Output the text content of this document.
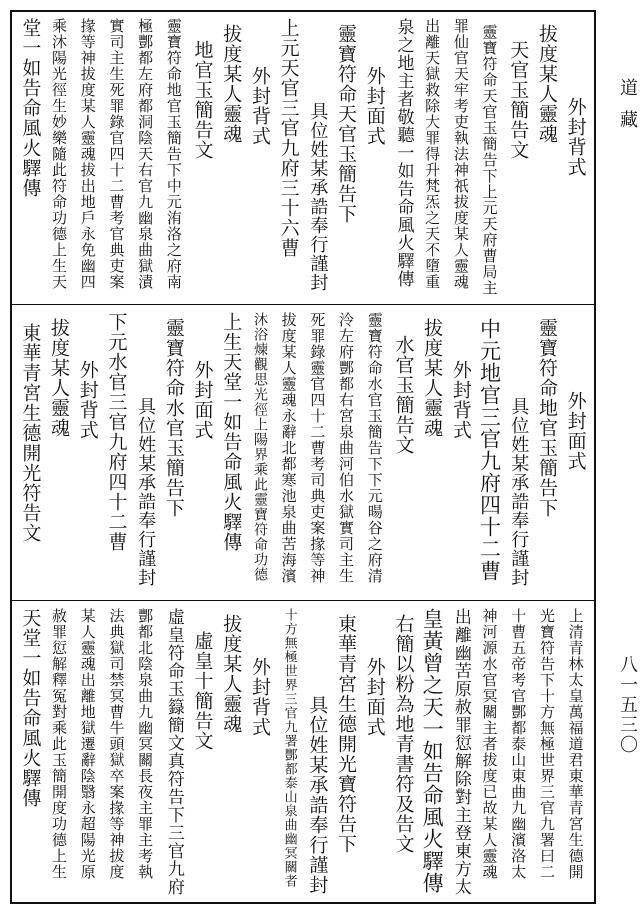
外封背式
拔度某人靈魂
天官玉簡告文
靈寶符命天官玉簡告下上元天府曹局主
罪仙官天牢考吏執法神祇拔度某人靈魂
出離天獄救除大罪得升梵炁之天不墮重
泉之地主者敬聽一如告命風火驛傳
外封面式
靈寶符命天官玉簡告下
具位姓某承誥奉行謹封
上元天官三官九府三十六曹
外封背式
拔度某人靈魂
地官玉簡告文
靈寶符命地官玉簡告下中元洧洛之府南
極酆都左府都洞陰天右官九幽泉曲獄漬
實司主生死罪錄官四十二曹考官典吏案
掾等神拔度某人靈魂拔出地戶永免幽四
乘沐陽光徑生妙樂隨此符命功德上生天
堂一如告命風火驛傳
外封面式
靈寶符命地官玉簡告下
具位姓某承誥奉行謹封
中元地官三官九府四十二曹
外封背式
拔度某人靈魂
水官玉簡告文
靈寶符命水官玉簡告下下元暘谷之府清
泠左府酆都右宮泉曲河伯水獄實司主生
死罪錄靈官四十二曹考司典吏案掾等神
拔度某人靈魂永辭北都寒池泉曲苦海濱
沐浴煉觀思光徑上陽界乘此靈寶符命功德
上生天堂一如告命風火驛傳
外封面式
靈寶符命水官玉簡告下
具位姓某承誥奉行謹封
下元水官三官九府四十二曹
外封背式
拔度某人靈魂
東華青宮生德開光符告文
上清青林太皇萬福道君東華青宮生德開
光寶符告下十方無極世界三官九署曰二
十曹五帝考官酆都泰山東曲九幽濱洛太
神河源水官冥關主者拔度已故某人靈魂
出離幽苦原赦罪愆解除對主登東方太
皇黃曾之天一如告命風火驛傳
右簡以粉為地青書符及告文
外封面式
東華青宮生德開光寶符告下
具位姓某承誥奉行謹封
十方無極世界三官九署酆都泰山泉曲幽冥關者
外封背式
拔度某人靈魂
虛皇十簡告文
虛皇符命玉籙簡文真符告下三官九府
酆都北陰泉曲九幽冥關長夜主罪主考執
法典獄司禁冥曹牛頭獄卒案掾等神拔度
某人靈魂出離地獄遷辭陰翳永超陽光原
赦罪愆解釋冤對乘此玉簡開度功德上生
天堂一如告命風火驛傳
道藏
八一五三〇
